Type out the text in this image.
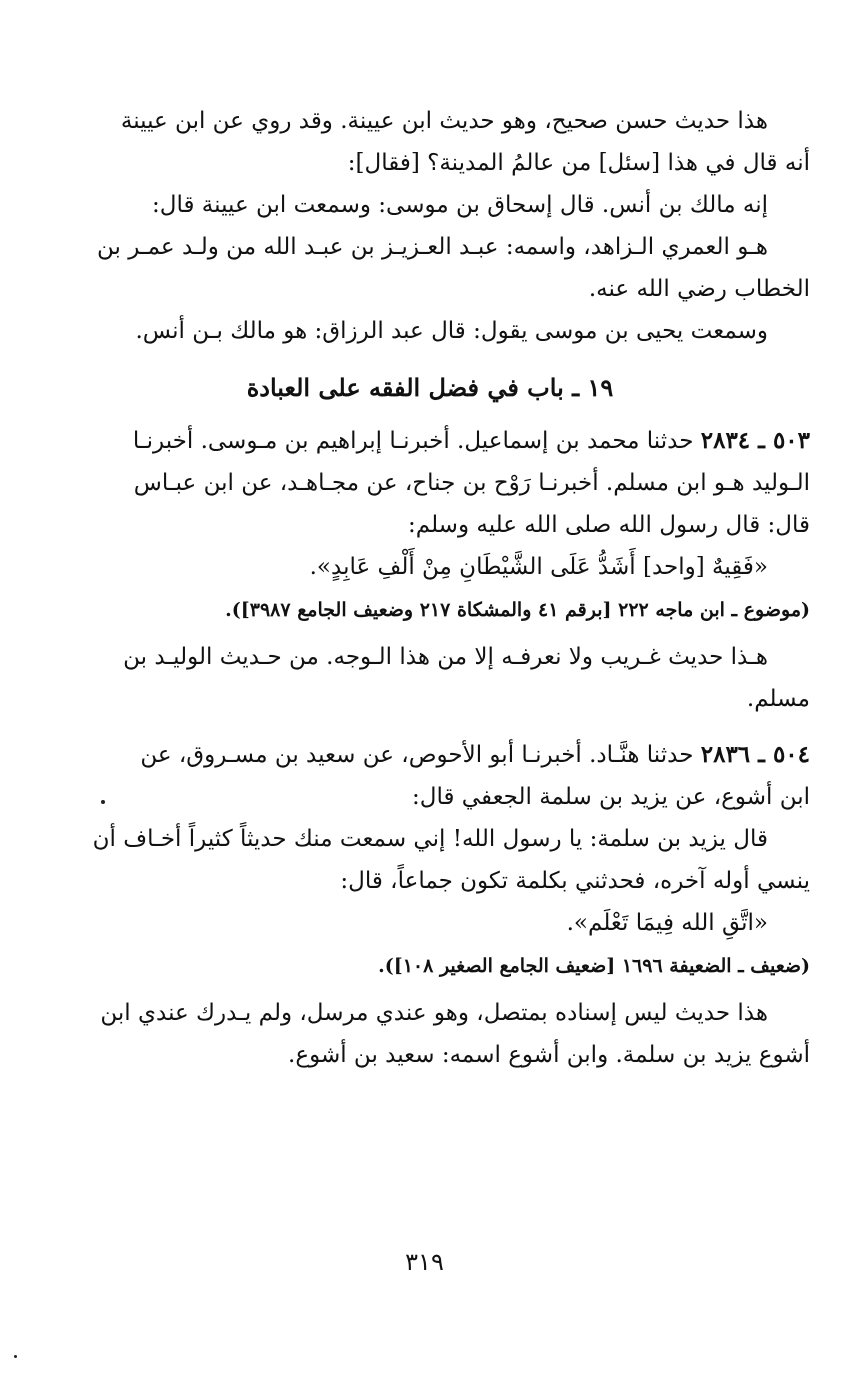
هذا حديث حسن صحيح، وهو حديث ابن عيينة. وقد روي عن ابن عيينة

أنه قال في هذا [سئل] من عالمُ المدينة؟ [فقال]:

إنه مالك بن أنس. قال إسحاق بن موسى: وسمعت ابن عيينة قال:

هـو العمري الـزاهد، واسمه: عبـد العـزيـز بن عبـد الله من ولـد عمـر بن

الخطاب رضي الله عنه.

وسمعت يحيى بن موسى يقول: قال عبد الرزاق: هو مالك بـن أنس.

١٩ ـ باب في فضل الفقه على العبادة

٥٠٣ ـ ٢٨٣٤ حدثنا محمد بن إسماعيل. أخبرنـا إبراهيم بن مـوسى. أخبرنـا

الـوليد هـو ابن مسلم. أخبرنـا رَوْح بن جناح، عن مجـاهـد، عن ابن عبـاس

قال: قال رسول الله صلى الله عليه وسلم:

«فَقِيهٌ [واحد] أَشَدُّ عَلَى الشَّيْطَانِ مِنْ أَلْفِ عَابِدٍ».

(موضوع ـ ابن ماجه ٢٢٢ [برقم ٤١ والمشكاة ٢١٧ وضعيف الجامع ٣٩٨٧]).

هـذا حديث غـريب ولا نعرفـه إلا من هذا الـوجه. من حـديث الوليـد بن

مسلم.

٥٠٤ ـ ٢٨٣٦ حدثنا هنَّـاد. أخبرنـا أبو الأحوص، عن سعيد بن مسـروق، عن

ابن أشوع، عن يزيد بن سلمة الجعفي قال:

قال يزيد بن سلمة: يا رسول الله! إني سمعت منك حديثاً كثيراً أخـاف أن

ينسي أوله آخره، فحدثني بكلمة تكون جماعاً، قال:

«اتَّقِ الله فِيمَا تَعْلَم».

(ضعيف ـ الضعيفة ١٦٩٦ [ضعيف الجامع الصغير ١٠٨]).

هذا حديث ليس إسناده بمتصل، وهو عندي مرسل، ولم يـدرك عندي ابن

أشوع يزيد بن سلمة. وابن أشوع اسمه: سعيد بن أشوع.

٣١٩
